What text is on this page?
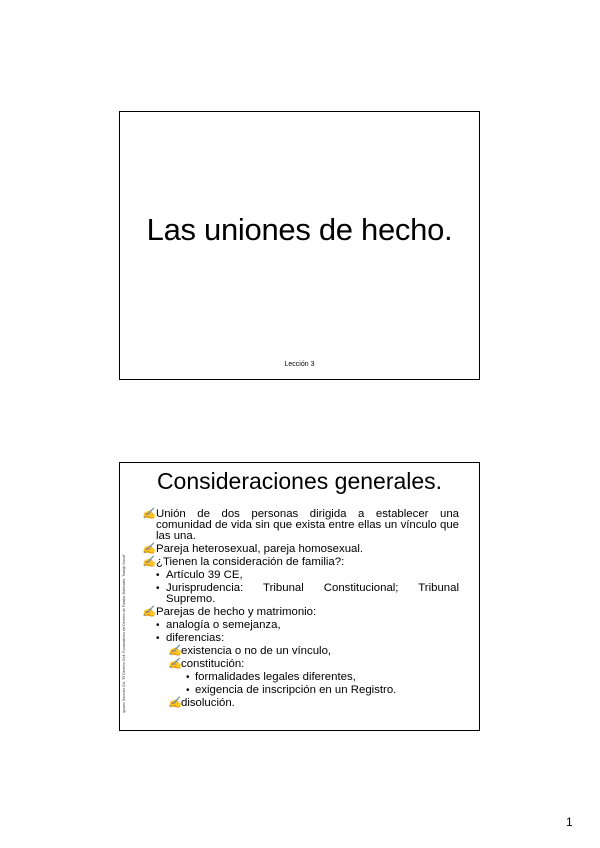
Las uniones de hecho.
Lección 3
Consideraciones generales.
Ignacio Sánchez Cid, "El Derecho Civil. Fundamentos del Derecho de Familia. Materiales. Trabajo Social"
✍ Unión de dos personas dirigida a establecer una comunidad de vida sin que exista entre ellas un vínculo que las una.
✍ Pareja heterosexual, pareja homosexual.
✍ ¿Tienen la consideración de familia?:
• Artículo 39 CE,
• Jurisprudencia: Tribunal Constitucional; Tribunal Supremo.
✍ Parejas de hecho y matrimonio:
• analogía o semejanza,
• diferencias:
✍ existencia o no de un vínculo,
✍ constitución:
• formalidades legales diferentes,
• exigencia de inscripción en un Registro.
✍ disolución.
1
